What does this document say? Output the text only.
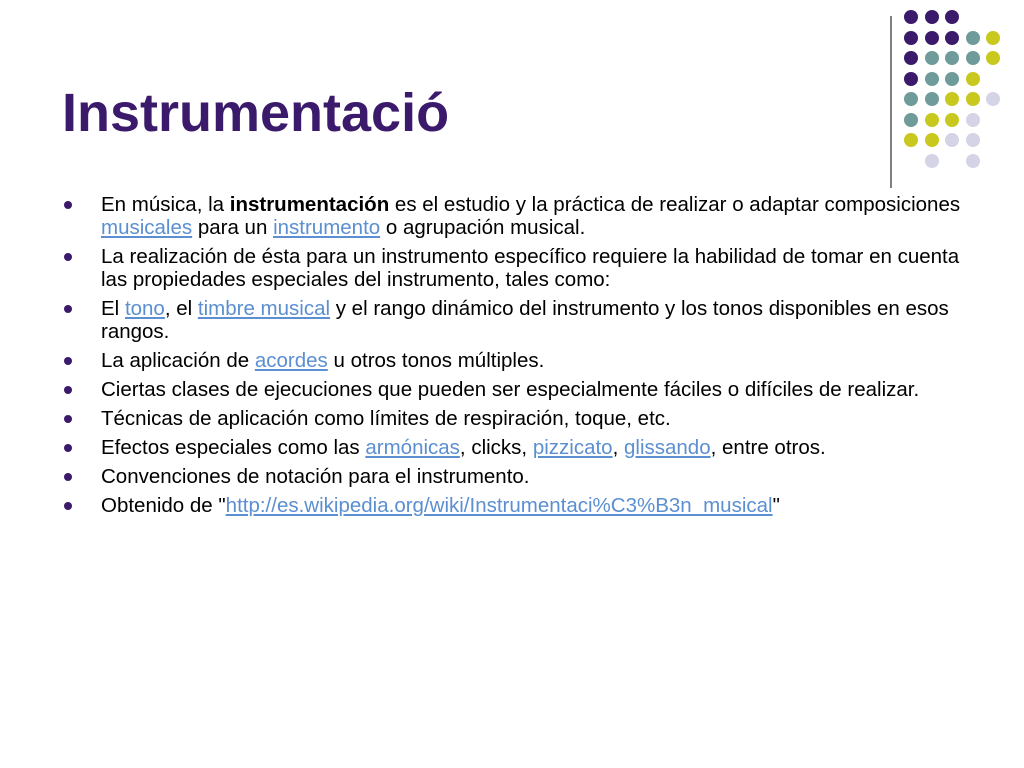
Instrumentació
En música, la instrumentación es el estudio y la práctica de realizar o adaptar composiciones musicales para un instrumento o agrupación musical.
La realización de ésta para un instrumento específico requiere la habilidad de tomar en cuenta las propiedades especiales del instrumento, tales como:
El tono, el timbre musical y el rango dinámico del instrumento y los tonos disponibles en esos rangos.
La aplicación de acordes u otros tonos múltiples.
Ciertas clases de ejecuciones que pueden ser especialmente fáciles o difíciles de realizar.
Técnicas de aplicación como límites de respiración, toque, etc.
Efectos especiales como las armónicas, clicks, pizzicato, glissando, entre otros.
Convenciones de notación para el instrumento.
Obtenido de "http://es.wikipedia.org/wiki/Instrumentaci%C3%B3n_musical"
